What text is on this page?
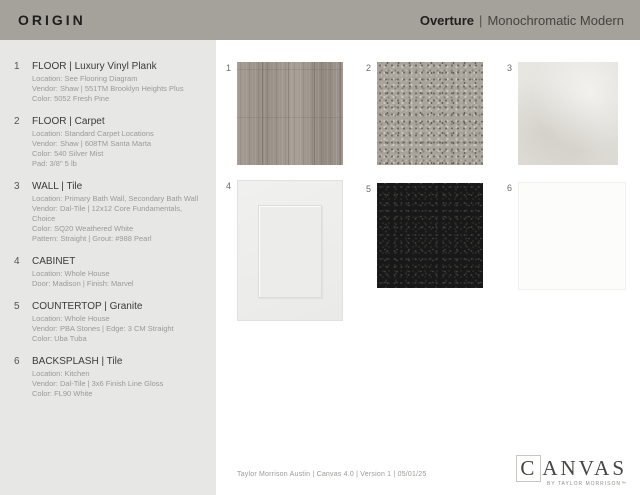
ORIGIN	Overture | Monochromatic Modern
1	FLOOR | Luxury Vinyl Plank
Location: See Flooring Diagram
Vendor: Shaw | 551TM Brooklyn Heights Plus
Color: 5052 Fresh Pine
2	FLOOR | Carpet
Location: Standard Carpet Locations
Vendor: Shaw | 608TM Santa Marta
Color: 540 Silver Mist
Pad: 3/8" 5 lb
3	WALL | Tile
Location: Primary Bath Wall, Secondary Bath Wall
Vendor: Dal-Tile | 12x12 Core Fundamentals, Choice
Color: SQ20 Weathered White
Pattern: Straight | Grout: #988 Pearl
4	CABINET
Location: Whole House
Door: Madison | Finish: Marvel
5	COUNTERTOP | Granite
Location: Whole House
Vendor: PBA Stones | Edge: 3 CM Straight
Color: Uba Tuba
6	BACKSPLASH | Tile
Location: Kitchen
Vendor: Dal-Tile | 3x6 Finish Line Gloss
Color: FL90 White
1	2	3
4	5	6
Taylor Morrison Austin | Canvas 4.0 | Version 1 | 05/01/25	C ANVAS
BY TAYLOR MORRISON™
